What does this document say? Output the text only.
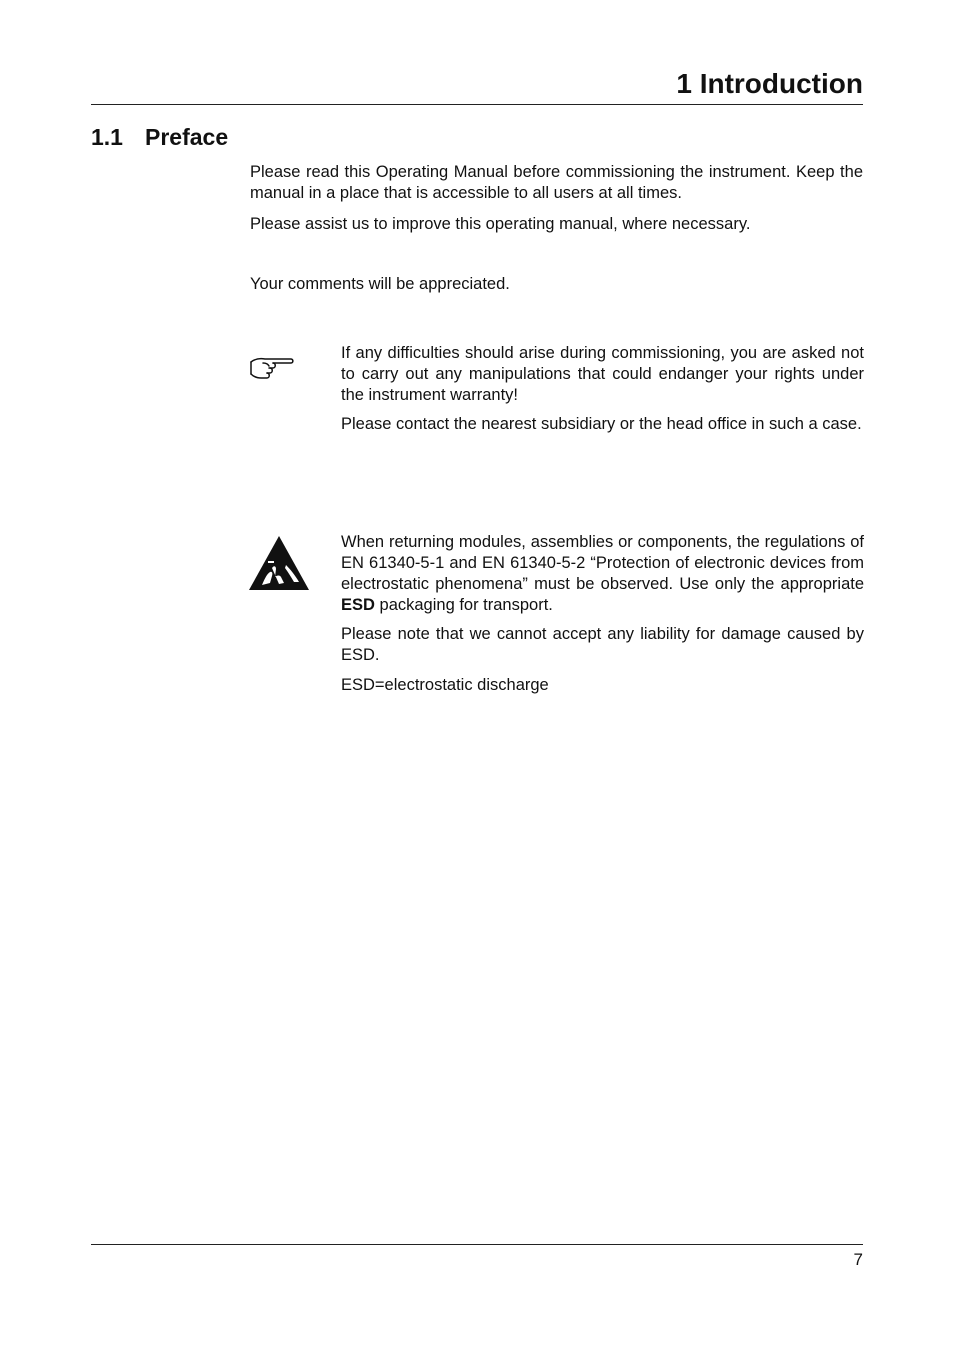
1 Introduction
1.1 Preface

Please read this Operating Manual before commissioning the instrument. Keep the manual in a place that is accessible to all users at all times.

Please assist us to improve this operating manual, where necessary.

Your comments will be appreciated.

If any difficulties should arise during commissioning, you are asked not to carry out any manipulations that could endanger your rights under the instrument warranty!

Please contact the nearest subsidiary or the head office in such a case.

When returning modules, assemblies or components, the regulations of EN 61340-5-1 and EN 61340-5-2 “Protection of electronic devices from electrostatic phenomena” must be observed. Use only the appropriate ESD packaging for transport.

Please note that we cannot accept any liability for damage caused by ESD.

ESD=electrostatic discharge

7
